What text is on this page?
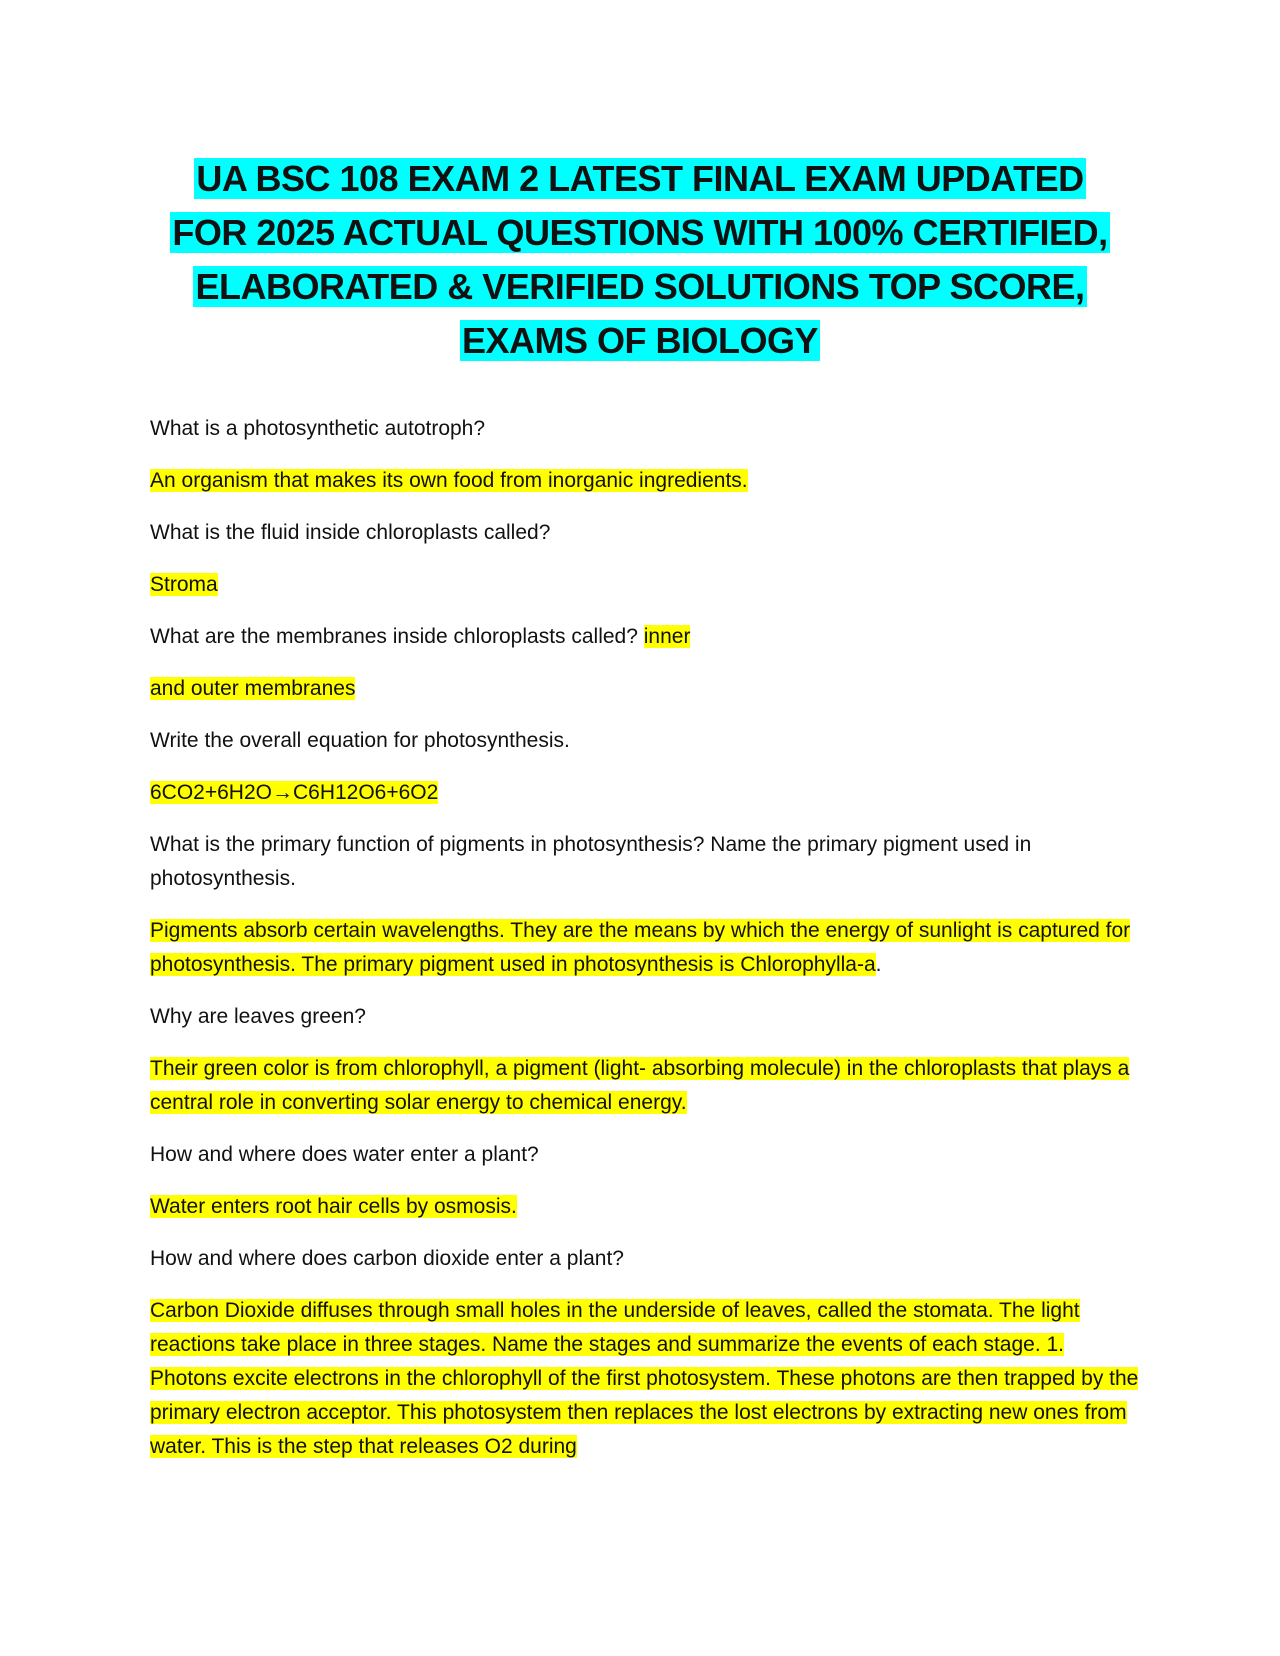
UA BSC 108 EXAM 2 LATEST FINAL EXAM UPDATED
FOR 2025 ACTUAL QUESTIONS WITH 100% CERTIFIED,
ELABORATED & VERIFIED SOLUTIONS TOP SCORE,
EXAMS OF BIOLOGY

What is a photosynthetic autotroph?

An organism that makes its own food from inorganic ingredients.

What is the fluid inside chloroplasts called?

Stroma

What are the membranes inside chloroplasts called? inner

and outer membranes

Write the overall equation for photosynthesis.

6CO2+6H2O→C6H12O6+6O2

What is the primary function of pigments in photosynthesis? Name the primary pigment used in photosynthesis.

Pigments absorb certain wavelengths. They are the means by which the energy of sunlight is captured for photosynthesis. The primary pigment used in photosynthesis is Chlorophylla-a.

Why are leaves green?

Their green color is from chlorophyll, a pigment (light- absorbing molecule) in the chloroplasts that plays a central role in converting solar energy to chemical energy.

How and where does water enter a plant?

Water enters root hair cells by osmosis.

How and where does carbon dioxide enter a plant?

Carbon Dioxide diffuses through small holes in the underside of leaves, called the stomata. The light reactions take place in three stages. Name the stages and summarize the events of each stage. 1. Photons excite electrons in the chlorophyll of the first photosystem. These photons are then trapped by the primary electron acceptor. This photosystem then replaces the lost electrons by extracting new ones from water. This is the step that releases O2 during
